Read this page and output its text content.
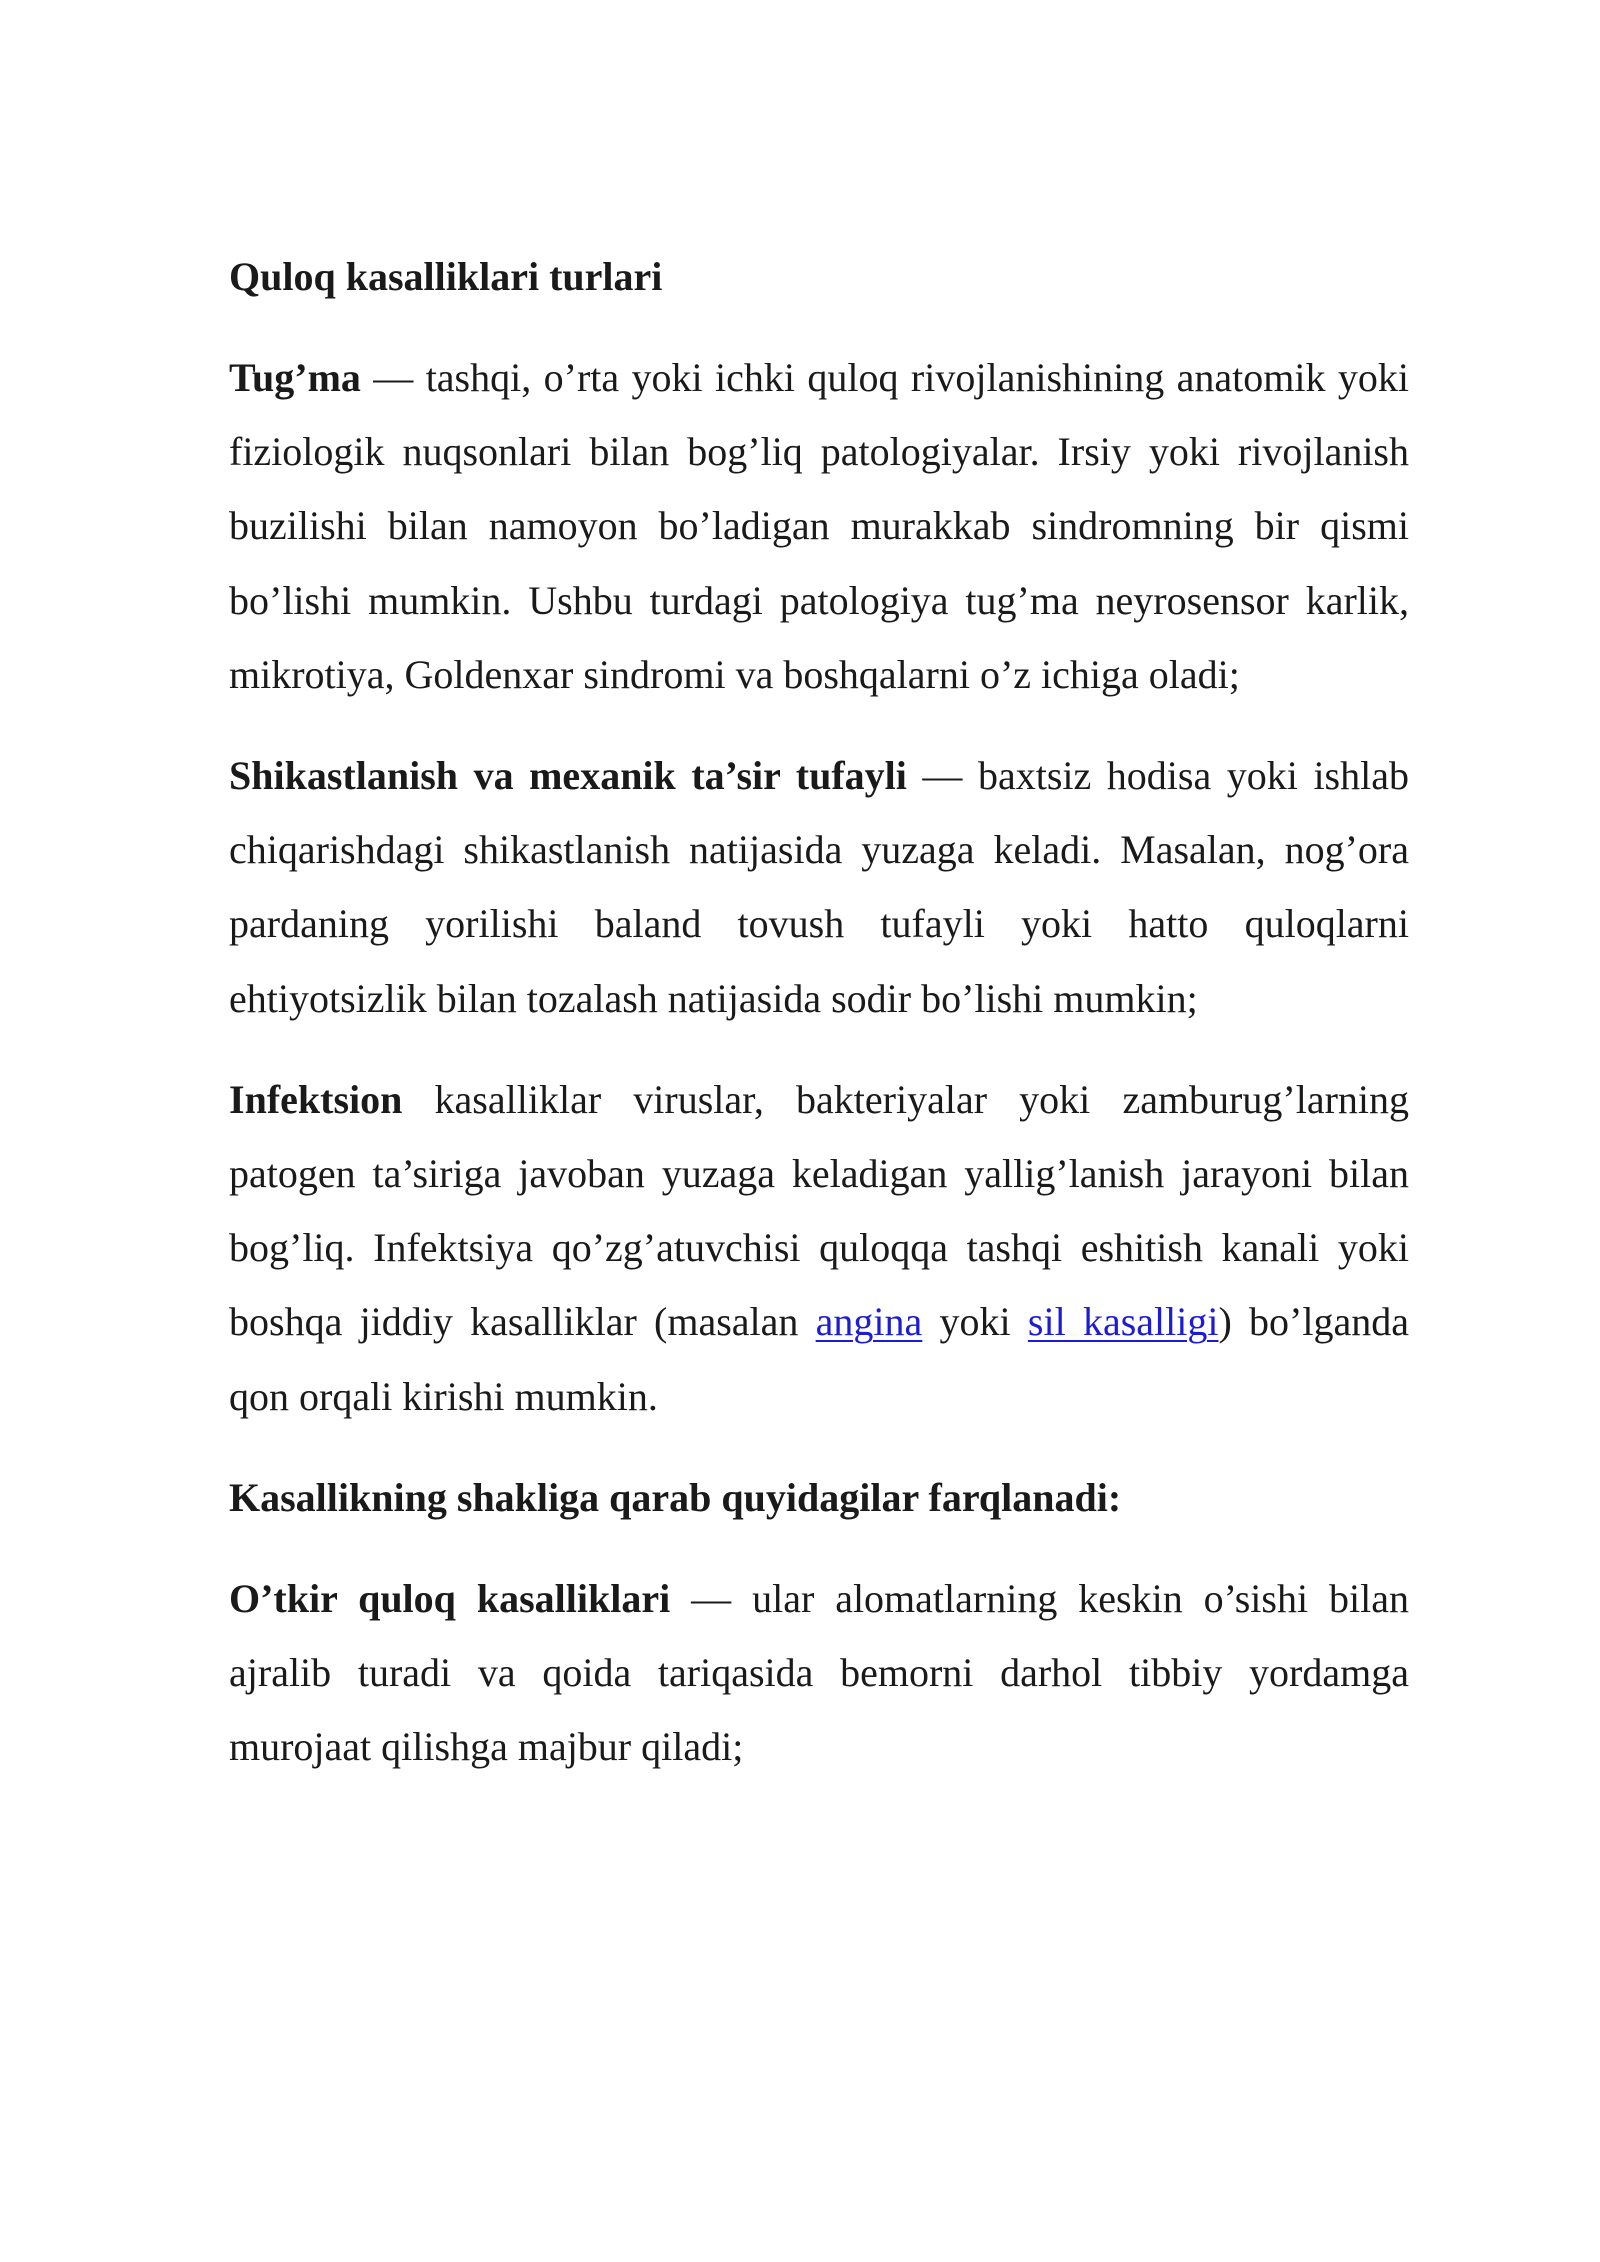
Quloq kasalliklari turlari

Tug’ma — tashqi, o’rta yoki ichki quloq rivojlanishining anatomik yoki fiziologik nuqsonlari bilan bog’liq patologiyalar. Irsiy yoki rivojlanish buzilishi bilan namoyon bo’ladigan murakkab sindromning bir qismi bo’lishi mumkin. Ushbu turdagi patologiya tug’ma neyrosensor karlik, mikrotiya, Goldenxar sindromi va boshqalarni o’z ichiga oladi;

Shikastlanish va mexanik ta’sir tufayli — baxtsiz hodisa yoki ishlab chiqarishdagi shikastlanish natijasida yuzaga keladi. Masalan, nog’ora pardaning yorilishi baland tovush tufayli yoki hatto quloqlarni ehtiyotsizlik bilan tozalash natijasida sodir bo’lishi mumkin;

Infektsion kasalliklar viruslar, bakteriyalar yoki zamburug’larning patogen ta’siriga javoban yuzaga keladigan yallig’lanish jarayoni bilan bog’liq. Infektsiya qo’zg’atuvchisi quloqqa tashqi eshitish kanali yoki boshqa jiddiy kasalliklar (masalan angina yoki sil kasalligi) bo’lganda qon orqali kirishi mumkin.

Kasallikning shakliga qarab quyidagilar farqlanadi:

O’tkir quloq kasalliklari — ular alomatlarning keskin o’sishi bilan ajralib turadi va qoida tariqasida bemorni darhol tibbiy yordamga murojaat qilishga majbur qiladi;
